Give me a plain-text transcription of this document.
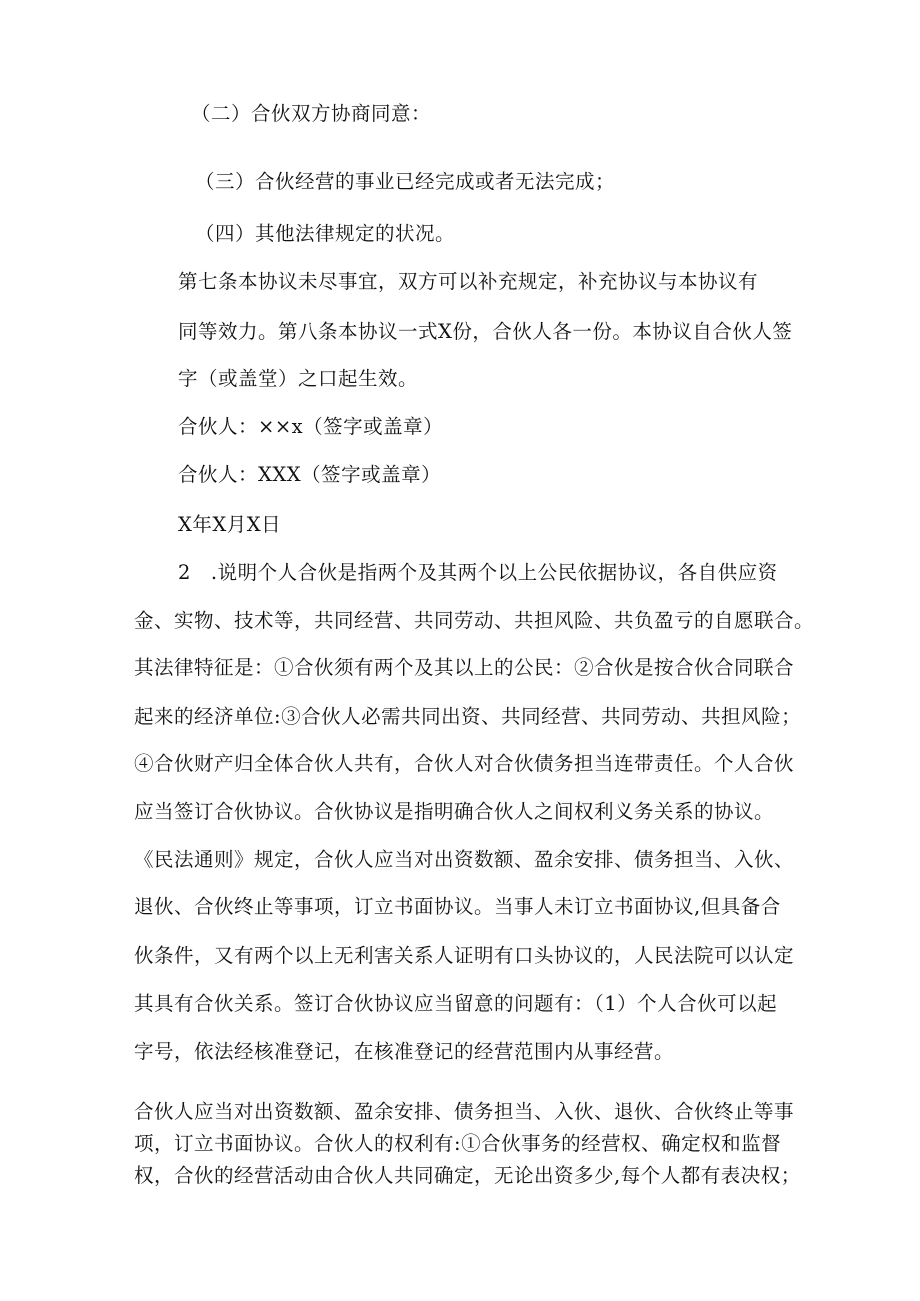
（二）合伙双方协商同意：
（三）合伙经营的事业已经完成或者无法完成；
（四）其他法律规定的状况。
第七条本协议未尽事宜，双方可以补充规定，补充协议与本协议有
同等效力。第八条本协议一式X份，合伙人各一份。本协议自合伙人签
字（或盖堂）之口起生效。
合伙人：××x（签字或盖章）
合伙人：XXX（签字或盖章）
X年X月X日
2　.说明个人合伙是指两个及其两个以上公民依据协议，各自供应资
金、实物、技术等，共同经营、共同劳动、共担风险、共负盈亏的自愿联合。
其法律特征是：①合伙须有两个及其以上的公民：②合伙是按合伙合同联合
起来的经济单位:③合伙人必需共同出资、共同经营、共同劳动、共担风险；
④合伙财产归全体合伙人共有，合伙人对合伙债务担当连带责任。个人合伙
应当签订合伙协议。合伙协议是指明确合伙人之间权利义务关系的协议。
《民法通则》规定，合伙人应当对出资数额、盈余安排、债务担当、入伙、
退伙、合伙终止等事项，订立书面协议。当事人未订立书面协议,但具备合
伙条件，又有两个以上无利害关系人证明有口头协议的，人民法院可以认定
其具有合伙关系。签订合伙协议应当留意的问题有：（1）个人合伙可以起
字号，依法经核准登记，在核准登记的经营范围内从事经营。
合伙人应当对出资数额、盈余安排、债务担当、入伙、退伙、合伙终止等事
项，订立书面协议。合伙人的权利有:①合伙事务的经营权、确定权和监督
权，合伙的经营活动由合伙人共同确定，无论出资多少,每个人都有表决权；
